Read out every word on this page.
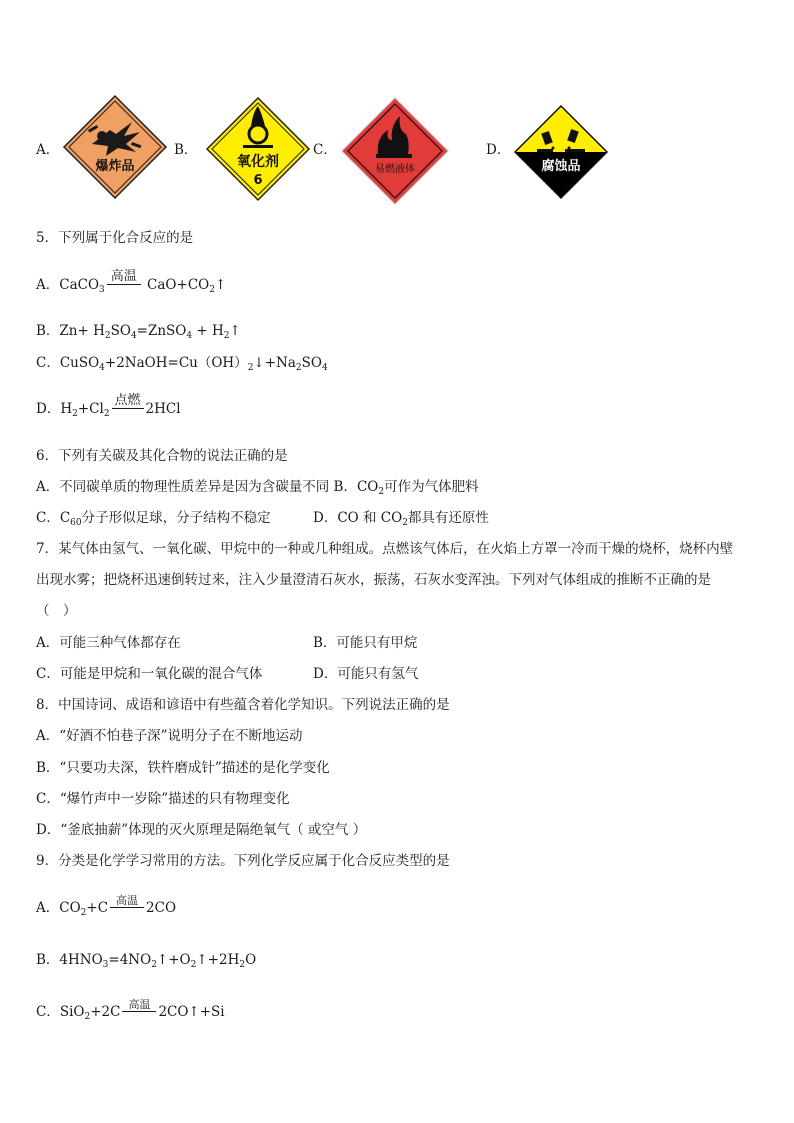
A．
爆炸品
B．
氧化剂
6
C．
易燃液体
D．
腐蚀品
5．下列属于化合反应的是
A．CaCO$_3$
高温
$CaO+CO_2↑$
B．$Zn+ H_2SO_4=ZnSO_4$ + $H_2↑$
C．$CuSO_4+2NaOH=Cu(OH)_2↓+Na_2SO_4$
D．$H_2+Cl_2$
点燃
2HCl
6．下列有关碳及其化合物的说法正确的是
A．不同碳单质的物理性质差异是因为含碳量不同 B．$CO_2$可作为气体肥料
C．$C_{60}$分子形似足球，分子结构不稳定	D．CO 和 $CO_2$都具有还原性
7．某气体由氢气、一氧化碳、甲烷中的一种或几种组成。点燃该气体后，在火焰上方罩一冷而干燥的烧杯，烧杯内壁
出现水雾；把烧杯迅速倒转过来，注入少量澄清石灰水，振荡，石灰水变浑浊。下列对气体组成的推断不正确的是
（　）
A．可能三种气体都存在	B．可能只有甲烷
C．可能是甲烷和一氧化碳的混合气体	D．可能只有氢气
8．中国诗词、成语和谚语中有些蕴含着化学知识。下列说法正确的是
A．“好酒不怕巷子深”说明分子在不断地运动
B．“只要功夫深，铁杵磨成针”描述的是化学变化
C．“爆竹声中一岁除”描述的只有物理变化
D．“釜底抽薪”体现的灭火原理是隔绝氧气（ 或空气 ）
9．分类是化学学习常用的方法。下列化学反应属于化合反应类型的是
A．$CO_2+C$ 高温 2CO
B．$4HNO_3=4NO_2↑+O_2↑+2H_2O$
C．SiO$_2$+2C 高温 2CO↑+Si
